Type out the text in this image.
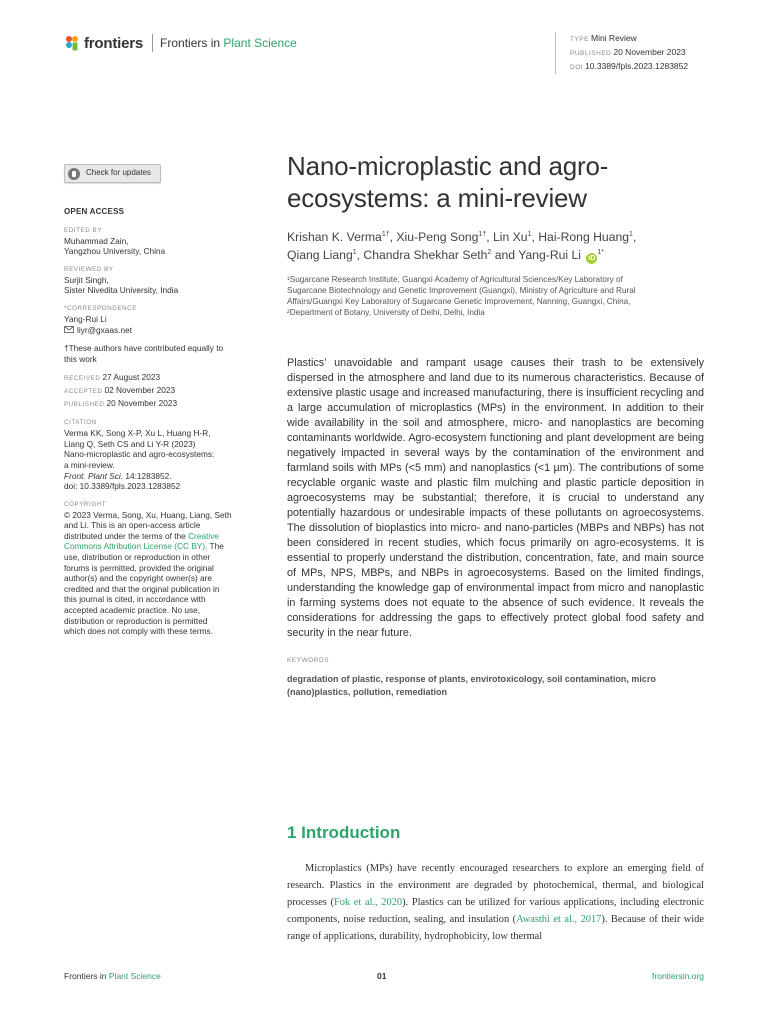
frontiers Frontiers in Plant Science	TYPE Mini Review
PUBLISHED 20 November 2023
DOI 10.3389/fpls.2023.1283852
Check for updates
OPEN ACCESS
EDITED BY
Muhammad Zain,
Yangzhou University, China
REVIEWED BY
Surjit Singh,
Sister Nivedita University, India
*CORRESPONDENCE
Yang-Rui Li
liyr@gxaas.net
†These authors have contributed equally to
this work
RECEIVED 27 August 2023
ACCEPTED 02 November 2023
PUBLISHED 20 November 2023
CITATION
Verma KK, Song X-P, Xu L, Huang H-R,
Liang Q, Seth CS and Li Y-R (2023)
Nano-microplastic and agro-ecosystems:
a mini-review.
Front. Plant Sci. 14:1283852.
doi: 10.3389/fpls.2023.1283852
COPYRIGHT
© 2023 Verma, Song, Xu, Huang, Liang, Seth
and Li. This is an open-access article
distributed under the terms of the Creative
Commons Attribution License (CC BY). The
use, distribution or reproduction in other
forums is permitted, provided the original
author(s) and the copyright owner(s) are
credited and that the original publication in
this journal is cited, in accordance with
accepted academic practice. No use,
distribution or reproduction is permitted
which does not comply with these terms.
Nano-microplastic and agro-
ecosystems: a mini-review
Krishan K. Verma$^{1\dagger}$, Xiu-Peng Song$^{1\dagger}$, Lin Xu$^1$, Hai-Rong Huang$^1$,
Qiang Liang$^1$, Chandra Shekhar Seth$^2$ and Yang-Rui Li $iD^{1*}$
¹Sugarcane Research Institute, Guangxi Academy of Agricultural Sciences/Key Laboratory of
Sugarcane Biotechnology and Genetic Improvement (Guangxi), Ministry of Agriculture and Rural
Affairs/Guangxi Key Laboratory of Sugarcane Genetic Improvement, Nanning, Guangxi, China,
²Department of Botany, University of Delhi, Delhi, India

Plastics’ unavoidable and rampant usage causes their trash to be extensively dispersed in the atmosphere and land due to its numerous characteristics. Because of extensive plastic usage and increased manufacturing, there is insufficient recycling and a large accumulation of microplastics (MPs) in the environment. In addition to their wide availability in the soil and atmosphere, micro- and nanoplastics are becoming contaminants worldwide. Agro-ecosystem functioning and plant development are being negatively impacted in several ways by the contamination of the environment and farmland soils with MPs (<5 mm) and nanoplastics (<1 µm). The contributions of some recyclable organic waste and plastic film mulching and plastic particle deposition in agroecosystems may be substantial; therefore, it is crucial to understand any potentially hazardous or undesirable impacts of these pollutants on agroecosystems. The dissolution of bioplastics into micro- and nano-particles (MBPs and NBPs) has not been considered in recent studies, which focus primarily on agro-ecosystems. It is essential to properly understand the distribution, concentration, fate, and main source of MPs, NPS, MBPs, and NBPs in agroecosystems. Based on the limited findings, understanding the knowledge gap of environmental impact from micro and nanoplastic in farming systems does not equate to the absence of such evidence. It reveals the considerations for addressing the gaps to effectively protect global food safety and security in the near future.

KEYWORDS
degradation of plastic, response of plants, envirotoxicology, soil contamination, micro (nano)plastics, pollution, remediation
1 Introduction

Microplastics (MPs) have recently encouraged researchers to explore an emerging field of research. Plastics in the environment are degraded by photochemical, thermal, and biological processes (Fok et al., 2020). Plastics can be utilized for various applications, including electronic components, noise reduction, sealing, and insulation (Awasthi et al., 2017). Because of their wide range of applications, durability, hydrophobicity, low thermal

Frontiers in Plant Science	01	frontiersin.org
